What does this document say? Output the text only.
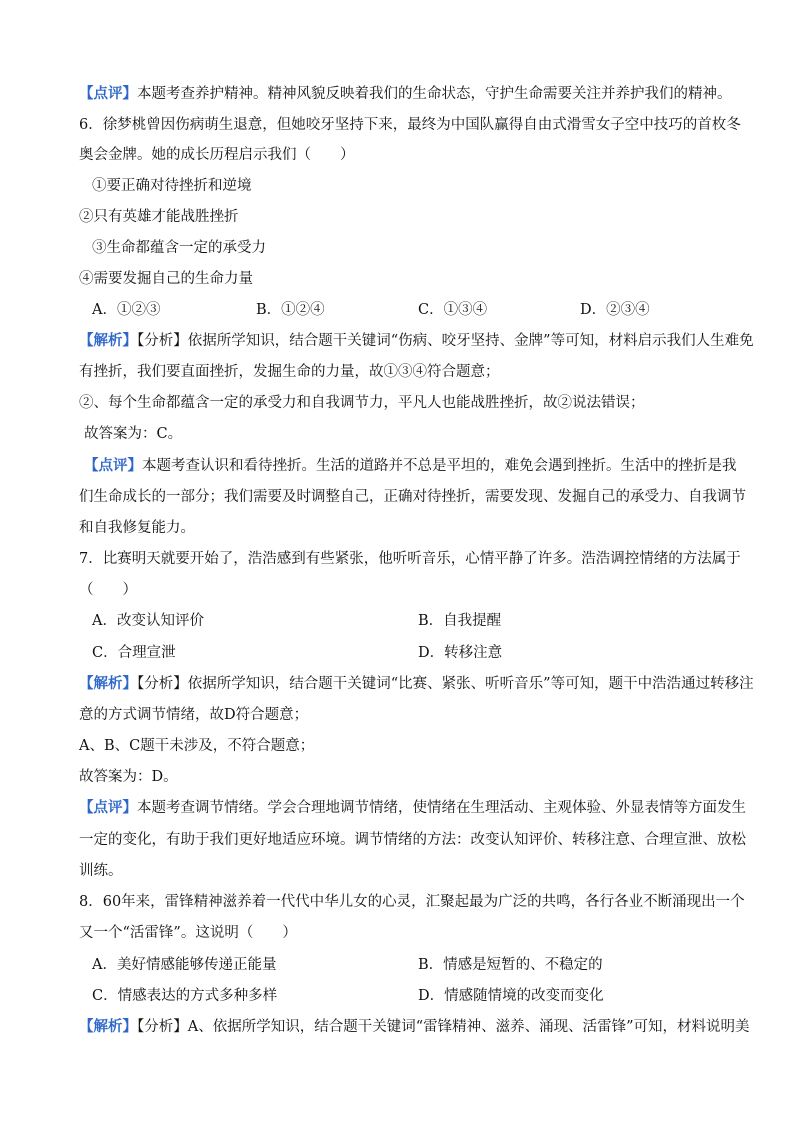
【点评】本题考查养护精神。精神风貌反映着我们的生命状态，守护生命需要关注并养护我们的精神。
6．徐梦桃曾因伤病萌生退意，但她咬牙坚持下来，最终为中国队赢得自由式滑雪女子空中技巧的首枚冬
奥会金牌。她的成长历程启示我们（　　）
①要正确对待挫折和逆境
②只有英雄才能战胜挫折
③生命都蕴含一定的承受力
④需要发掘自己的生命力量
A．①②③	B．①②④	C．①③④	D．②③④
【解析】【分析】依据所学知识，结合题干关键词“伤病、咬牙坚持、金牌”等可知，材料启示我们人生难免
有挫折，我们要直面挫折，发掘生命的力量，故①③④符合题意；
②、每个生命都蕴含一定的承受力和自我调节力，平凡人也能战胜挫折，故②说法错误；
故答案为：C。
【点评】本题考查认识和看待挫折。生活的道路并不总是平坦的，难免会遇到挫折。生活中的挫折是我
们生命成长的一部分；我们需要及时调整自己，正确对待挫折，需要发现、发掘自己的承受力、自我调节
和自我修复能力。
7．比赛明天就要开始了，浩浩感到有些紧张，他听听音乐，心情平静了许多。浩浩调控情绪的方法属于
（　　）
A．改变认知评价	B．自我提醒
C．合理宣泄	D．转移注意
【解析】【分析】依据所学知识，结合题干关键词“比赛、紧张、听听音乐”等可知，题干中浩浩通过转移注
意的方式调节情绪，故D符合题意；
A、B、C题干未涉及，不符合题意；
故答案为：D。
【点评】本题考查调节情绪。学会合理地调节情绪，使情绪在生理活动、主观体验、外显表情等方面发生
一定的变化，有助于我们更好地适应环境。调节情绪的方法：改变认知评价、转移注意、合理宣泄、放松
训练。
8．60年来，雷锋精神滋养着一代代中华儿女的心灵，汇聚起最为广泛的共鸣，各行各业不断涌现出一个
又一个“活雷锋”。这说明（　　）
A．美好情感能够传递正能量	B．情感是短暂的、不稳定的
C．情感表达的方式多种多样	D．情感随情境的改变而变化
【解析】【分析】A、依据所学知识，结合题干关键词“雷锋精神、滋养、涌现、活雷锋”可知，材料说明美
